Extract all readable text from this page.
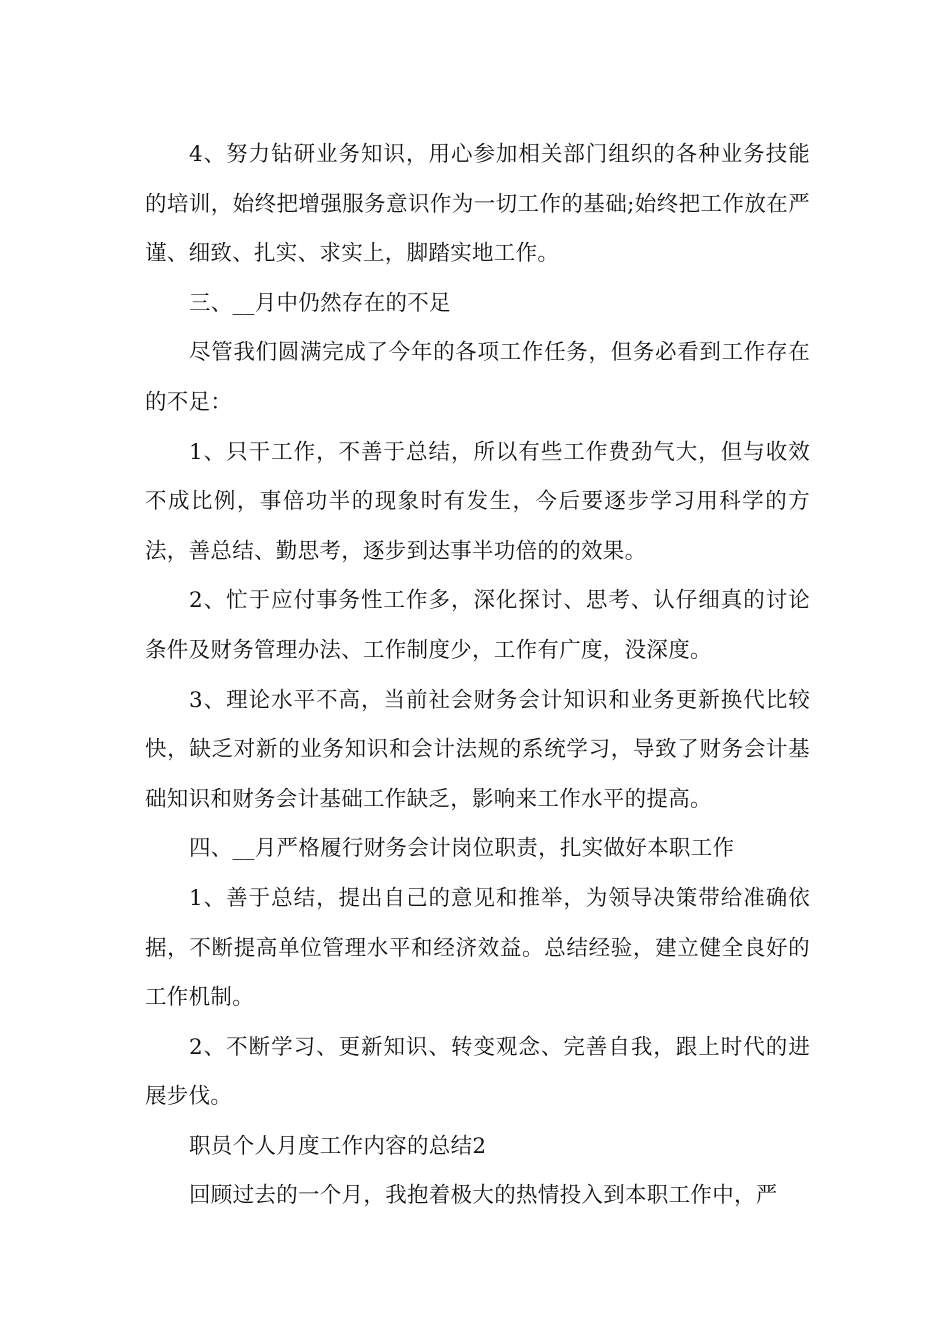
4、努力钻研业务知识，用心参加相关部门组织的各种业务技能的培训，始终把增强服务意识作为一切工作的基础;始终把工作放在严谨、细致、扎实、求实上，脚踏实地工作。

三、__月中仍然存在的不足

尽管我们圆满完成了今年的各项工作任务，但务必看到工作存在的不足：

1、只干工作，不善于总结，所以有些工作费劲气大，但与收效不成比例，事倍功半的现象时有发生，今后要逐步学习用科学的方法，善总结、勤思考，逐步到达事半功倍的的效果。

2、忙于应付事务性工作多，深化探讨、思考、认仔细真的讨论条件及财务管理办法、工作制度少，工作有广度，没深度。

3、理论水平不高，当前社会财务会计知识和业务更新换代比较快，缺乏对新的业务知识和会计法规的系统学习，导致了财务会计基础知识和财务会计基础工作缺乏，影响来工作水平的提高。

四、__月严格履行财务会计岗位职责，扎实做好本职工作

1、善于总结，提出自己的意见和推举，为领导决策带给准确依据，不断提高单位管理水平和经济效益。总结经验，建立健全良好的工作机制。

2、不断学习、更新知识、转变观念、完善自我，跟上时代的进展步伐。

职员个人月度工作内容的总结2

回顾过去的一个月，我抱着极大的热情投入到本职工作中，严
